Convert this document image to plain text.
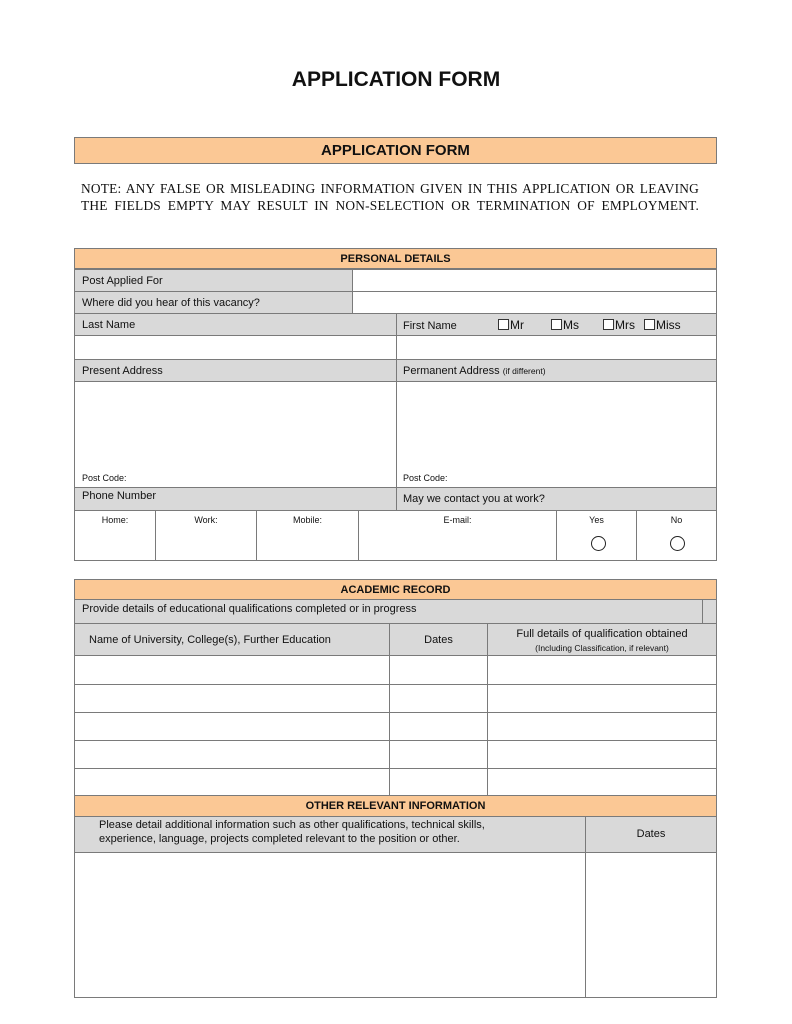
APPLICATION FORM
APPLICATION FORM
NOTE: ANY FALSE OR MISLEADING INFORMATION GIVEN IN THIS APPLICATION OR LEAVING THE FIELDS EMPTY MAY RESULT IN NON-SELECTION OR TERMINATION OF EMPLOYMENT.
PERSONAL DETAILS
Post Applied For
Where did you hear of this vacancy?
Last Name	First Name	Mr	Ms	Mrs	Miss
Present Address	Permanent Address (if different)
Post Code:	Post Code:
Phone Number	May we contact you at work?
Home:	Work:	Mobile:	E-mail:	Yes	No
ACADEMIC RECORD
Provide details of educational qualifications completed or in progress
Name of University, College(s), Further Education	Dates	Full details of qualification obtained
(Including Classification, if relevant)
OTHER RELEVANT INFORMATION
Please detail additional information such as other qualifications, technical skills,
experience, language, projects completed relevant to the position or other.	Dates
